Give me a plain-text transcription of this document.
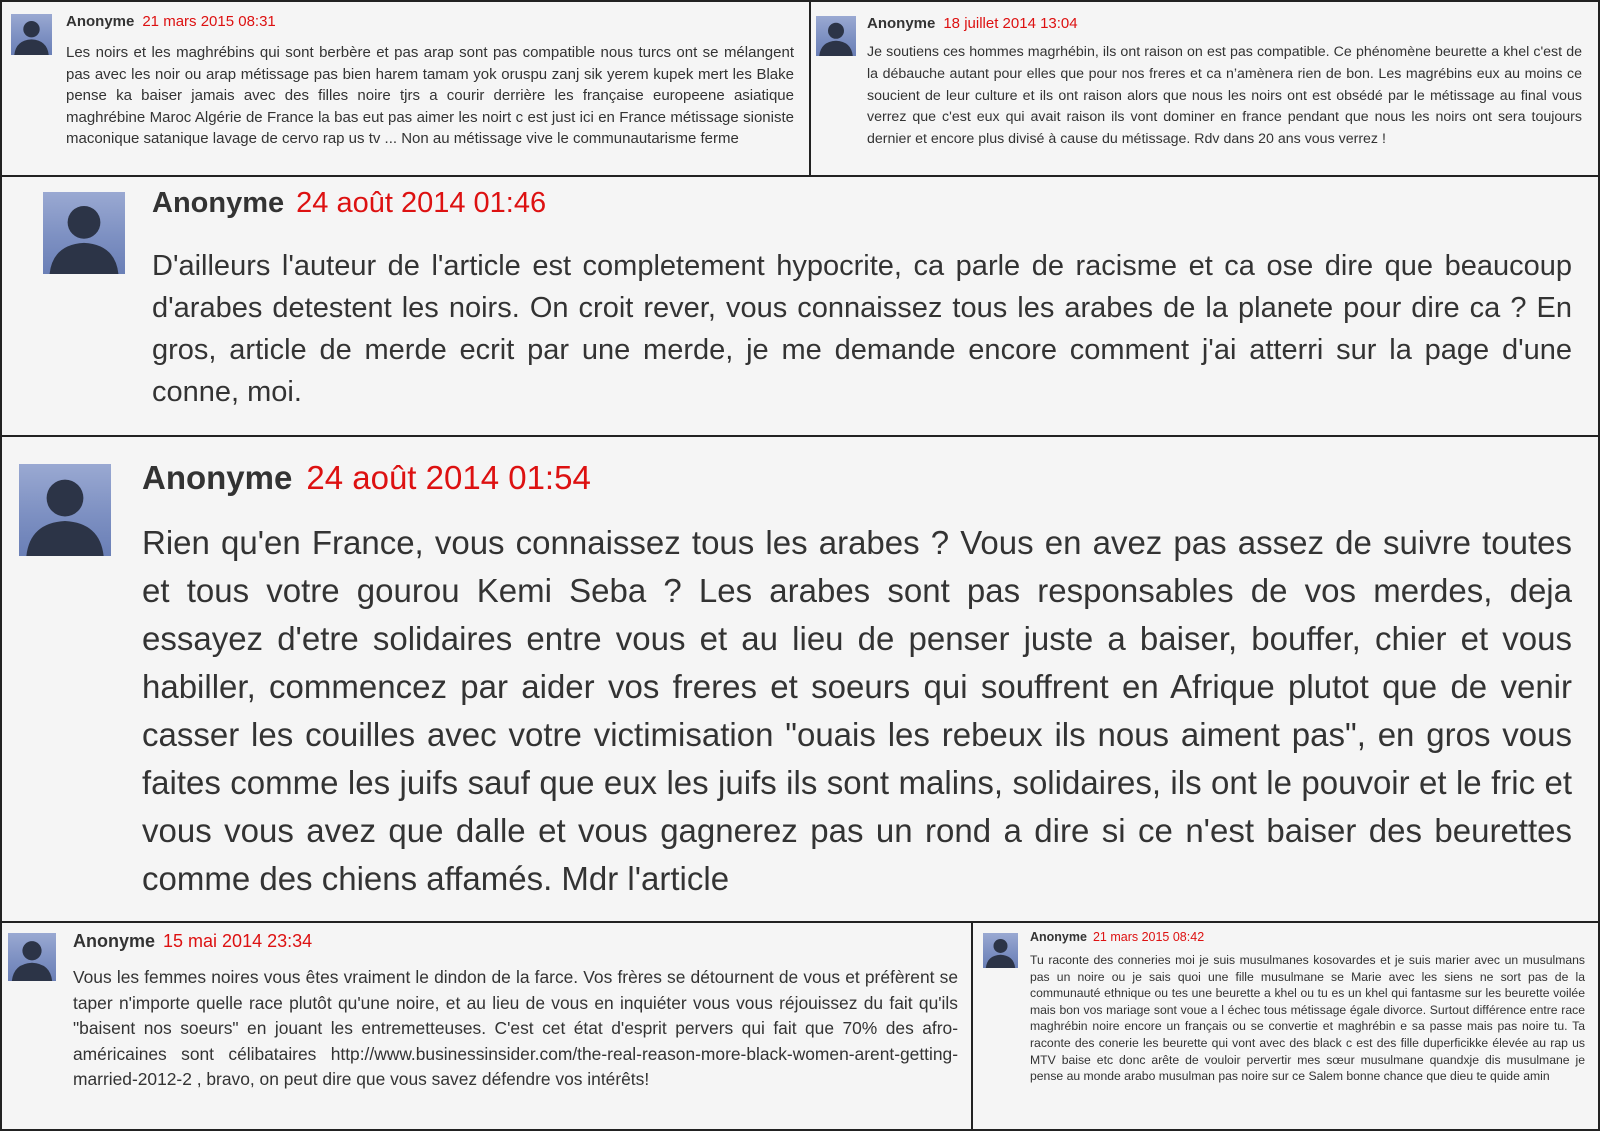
Anonyme 21 mars 2015 08:31
Les noirs et les maghrébins qui sont berbère et pas arap sont pas compatible nous turcs ont se mélangent pas avec les noir ou arap métissage pas bien harem tamam yok oruspu zanj sik yerem kupek mert les Blake pense ka baiser jamais avec des filles noire tjrs a courir derrière les française europeene asiatique maghrébine Maroc Algérie de France la bas eut pas aimer les noirt c est just ici en France métissage sioniste maconique satanique lavage de cervo rap us tv ... Non au métissage vive le communautarisme ferme
Anonyme 18 juillet 2014 13:04
Je soutiens ces hommes magrhébin, ils ont raison on est pas compatible. Ce phénomène beurette a khel c'est de la débauche autant pour elles que pour nos freres et ca n’amènera rien de bon. Les magrébins eux au moins ce soucient de leur culture et ils ont raison alors que nous les noirs ont est obsédé par le métissage au final vous verrez que c'est eux qui avait raison ils vont dominer en france pendant que nous les noirs ont sera toujours dernier et encore plus divisé à cause du métissage. Rdv dans 20 ans vous verrez !
Anonyme 24 août 2014 01:46
D'ailleurs l'auteur de l'article est completement hypocrite, ca parle de racisme et ca ose dire que beaucoup d'arabes detestent les noirs. On croit rever, vous connaissez tous les arabes de la planete pour dire ca ? En gros, article de merde ecrit par une merde, je me demande encore comment j'ai atterri sur la page d'une conne, moi.
Anonyme 24 août 2014 01:54
Rien qu'en France, vous connaissez tous les arabes ? Vous en avez pas assez de suivre toutes et tous votre gourou Kemi Seba ? Les arabes sont pas responsables de vos merdes, deja essayez d'etre solidaires entre vous et au lieu de penser juste a baiser, bouffer, chier et vous habiller, commencez par aider vos freres et soeurs qui souffrent en Afrique plutot que de venir casser les couilles avec votre victimisation "ouais les rebeux ils nous aiment pas", en gros vous faites comme les juifs sauf que eux les juifs ils sont malins, solidaires, ils ont le pouvoir et le fric et vous vous avez que dalle et vous gagnerez pas un rond a dire si ce n'est baiser des beurettes comme des chiens affamés. Mdr l'article
Anonyme 15 mai 2014 23:34
Vous les femmes noires vous êtes vraiment le dindon de la farce. Vos frères se détournent de vous et préfèrent se taper n'importe quelle race plutôt qu'une noire, et au lieu de vous en inquiéter vous vous réjouissez du fait qu'ils "baisent nos soeurs" en jouant les entremetteuses. C'est cet état d'esprit pervers qui fait que 70% des afro-américaines sont célibataires http://www.businessinsider.com/the-real-reason-more-black-women-arent-getting-married-2012-2 , bravo, on peut dire que vous savez défendre vos intérêts!
Anonyme 21 mars 2015 08:42
Tu raconte des conneries moi je suis musulmanes kosovardes et je suis marier avec un musulmans pas un noire ou je sais quoi une fille musulmane se Marie avec les siens ne sort pas de la communauté ethnique ou tes une beurette a khel ou tu es un khel qui fantasme sur les beurette voilée mais bon vos mariage sont voue a l échec tous métissage égale divorce. Surtout différence entre race maghrébin noire encore un français ou se convertie et maghrébin e sa passe mais pas noire tu. Ta raconte des conerie les beurette qui vont avec des black c est des fille duperficikke élevée au rap us MTV baise etc donc arête de vouloir pervertir mes sœur musulmane quandxje dis musulmane je pense au monde arabo musulman pas noire sur ce Salem bonne chance que dieu te quide amin
